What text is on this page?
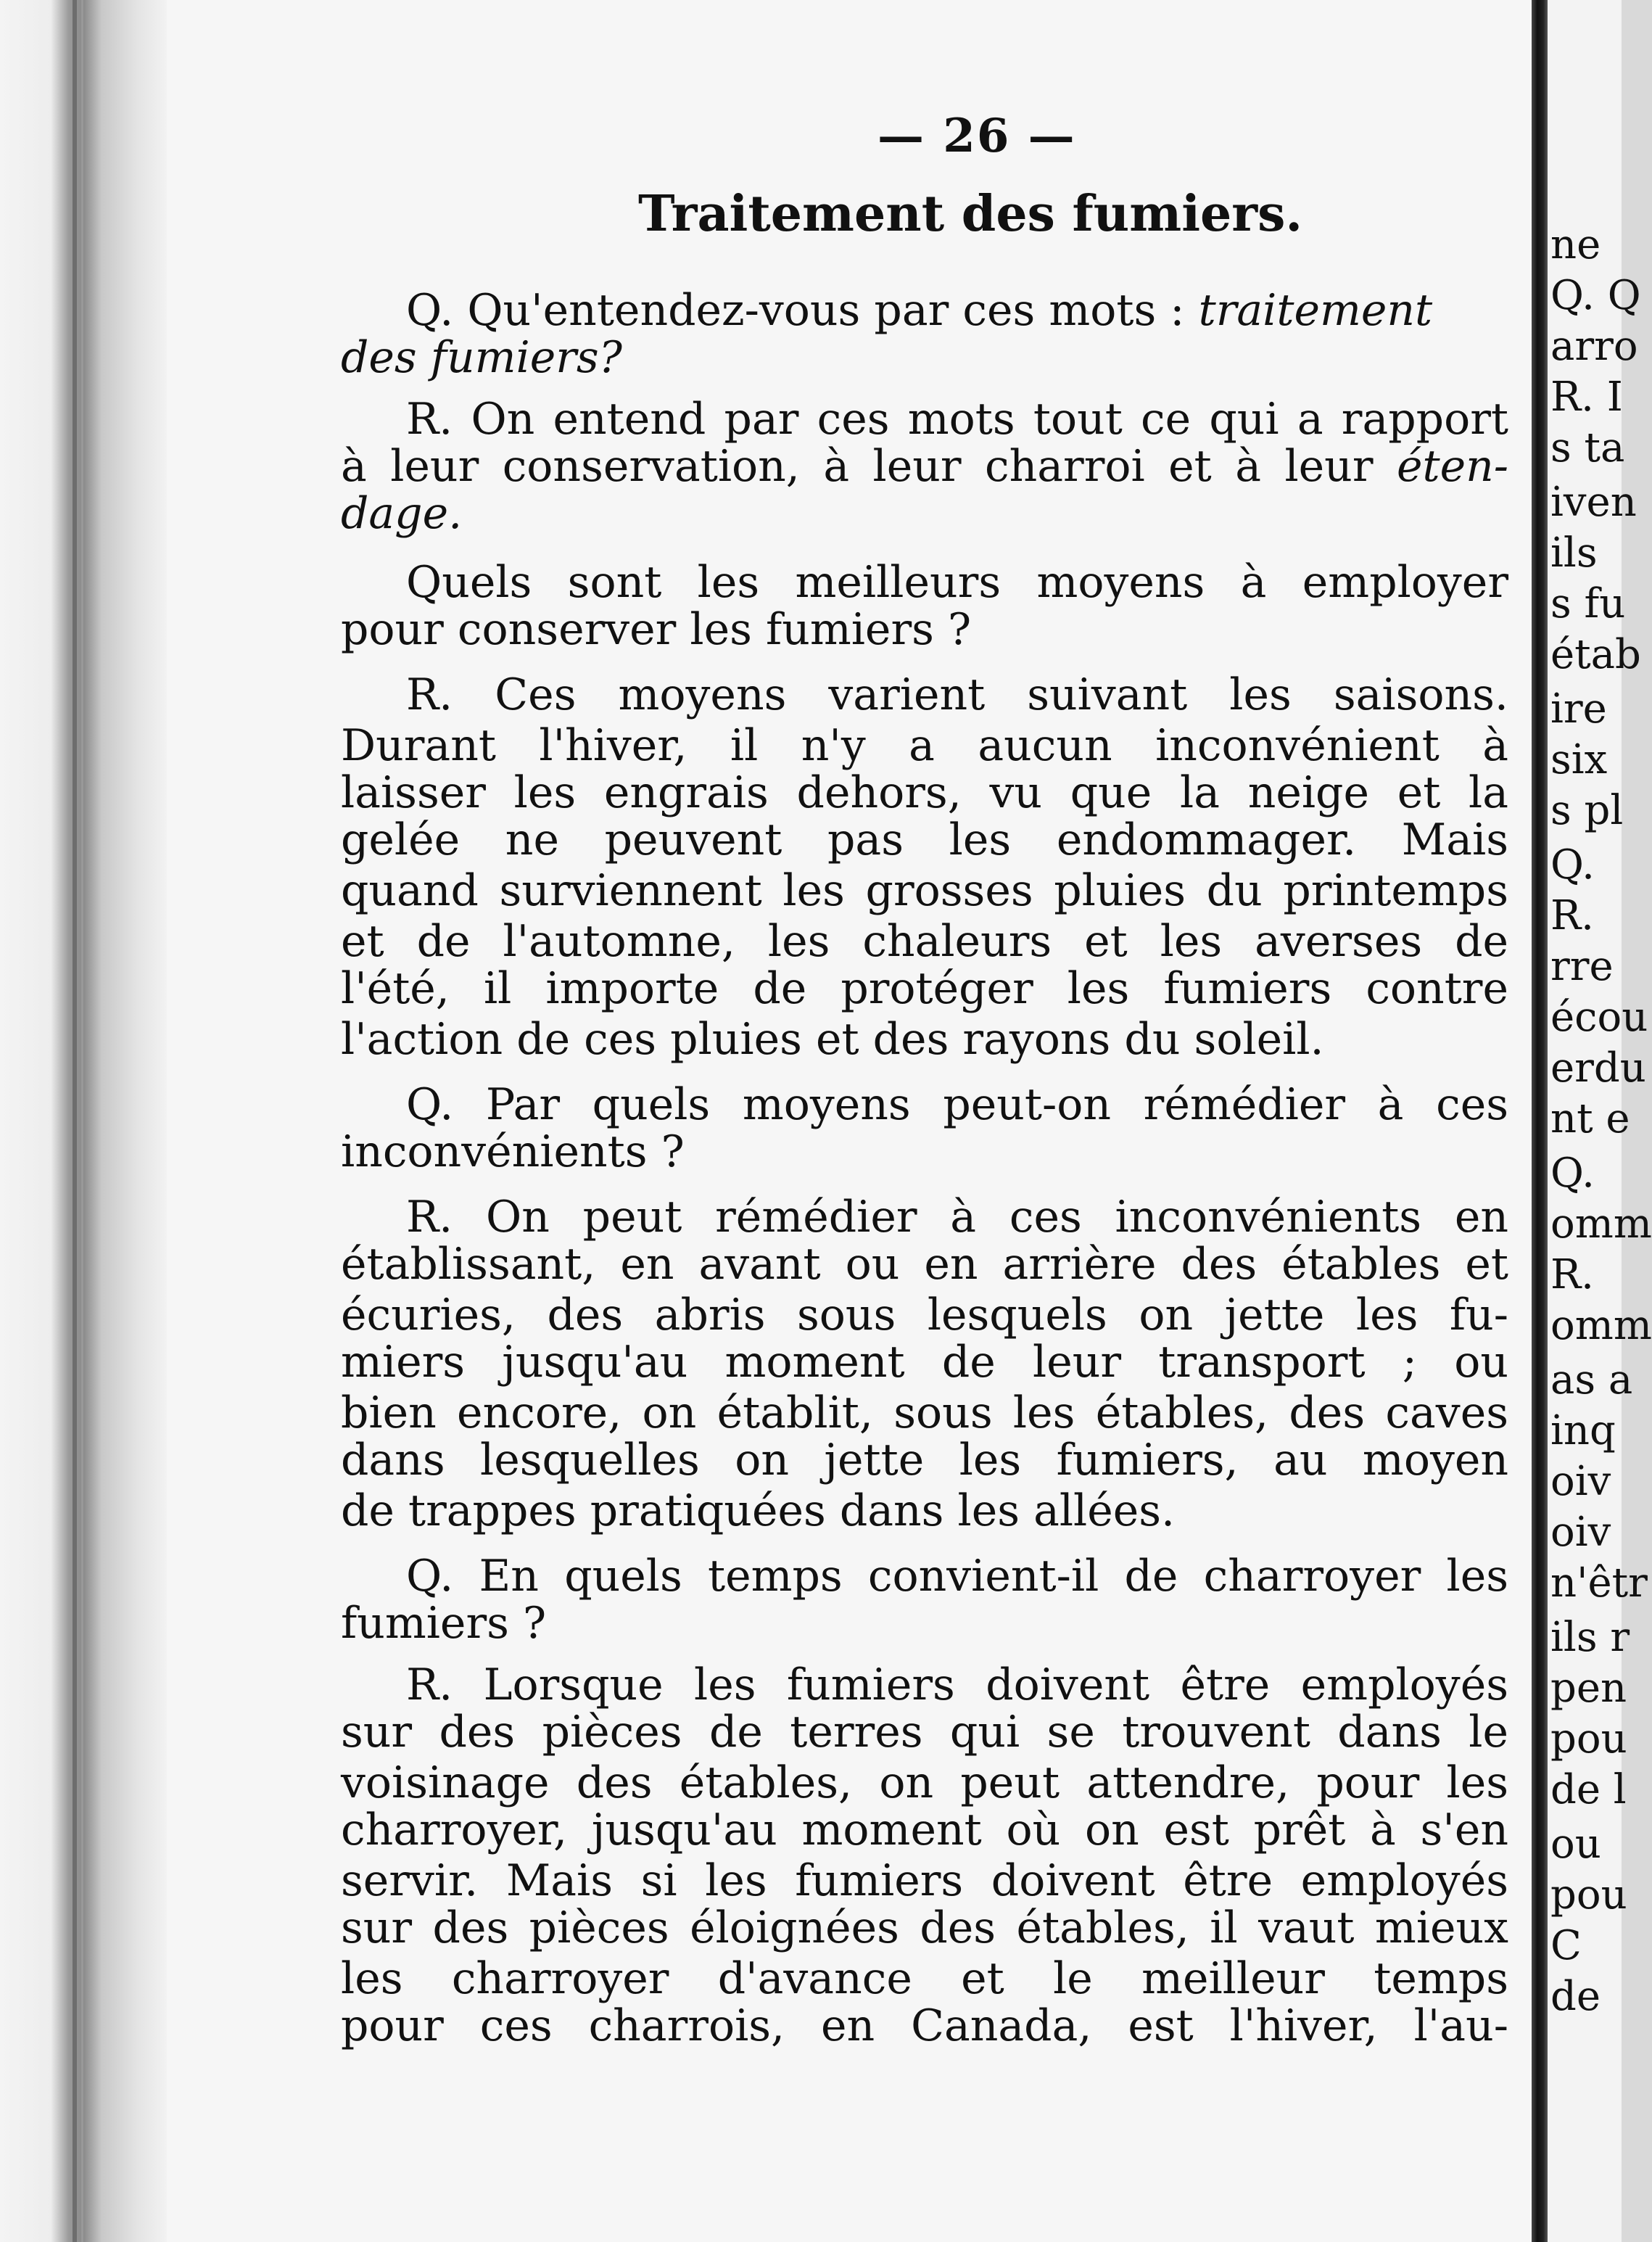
— 26 —
Traitement des fumiers.
Q. Qu'entendez-vous par ces mots : traitement
des fumiers?
R. On entend par ces mots tout ce qui a rapport
à leur conservation, à leur charroi et à leur éten-
dage.
Quels sont les meilleurs moyens à employer
pour conserver les fumiers ?
R. Ces moyens varient suivant les saisons.
Durant l'hiver, il n'y a aucun inconvénient à
laisser les engrais dehors, vu que la neige et la
gelée ne peuvent pas les endommager. Mais
quand surviennent les grosses pluies du printemps
et de l'automne, les chaleurs et les averses de
l'été, il importe de protéger les fumiers contre
l'action de ces pluies et des rayons du soleil.
Q. Par quels moyens peut-on rémédier à ces
inconvénients ?
R. On peut rémédier à ces inconvénients en
établissant, en avant ou en arrière des étables et
écuries, des abris sous lesquels on jette les fu-
miers jusqu'au moment de leur transport ; ou
bien encore, on établit, sous les étables, des caves
dans lesquelles on jette les fumiers, au moyen
de trappes pratiquées dans les allées.
Q. En quels temps convient-il de charroyer les
fumiers ?
R. Lorsque les fumiers doivent être employés
sur des pièces de terres qui se trouvent dans le
voisinage des étables, on peut attendre, pour les
charroyer, jusqu'au moment où on est prêt à s'en
servir. Mais si les fumiers doivent être employés
sur des pièces éloignées des étables, il vaut mieux
les charroyer d'avance et le meilleur temps
pour ces charrois, en Canada, est l'hiver, l'au-
ne
Q. Q
arro
R. I
s ta
iven
ils
s fu
étab
ire
six
s pl
Q.
R.
rre
écou
erdu
nt e
Q.
omm
R.
omm
as a
inq
oiv
oiv
n'êtr
ils r
pen
pou
de l
ou
pou
C
de
